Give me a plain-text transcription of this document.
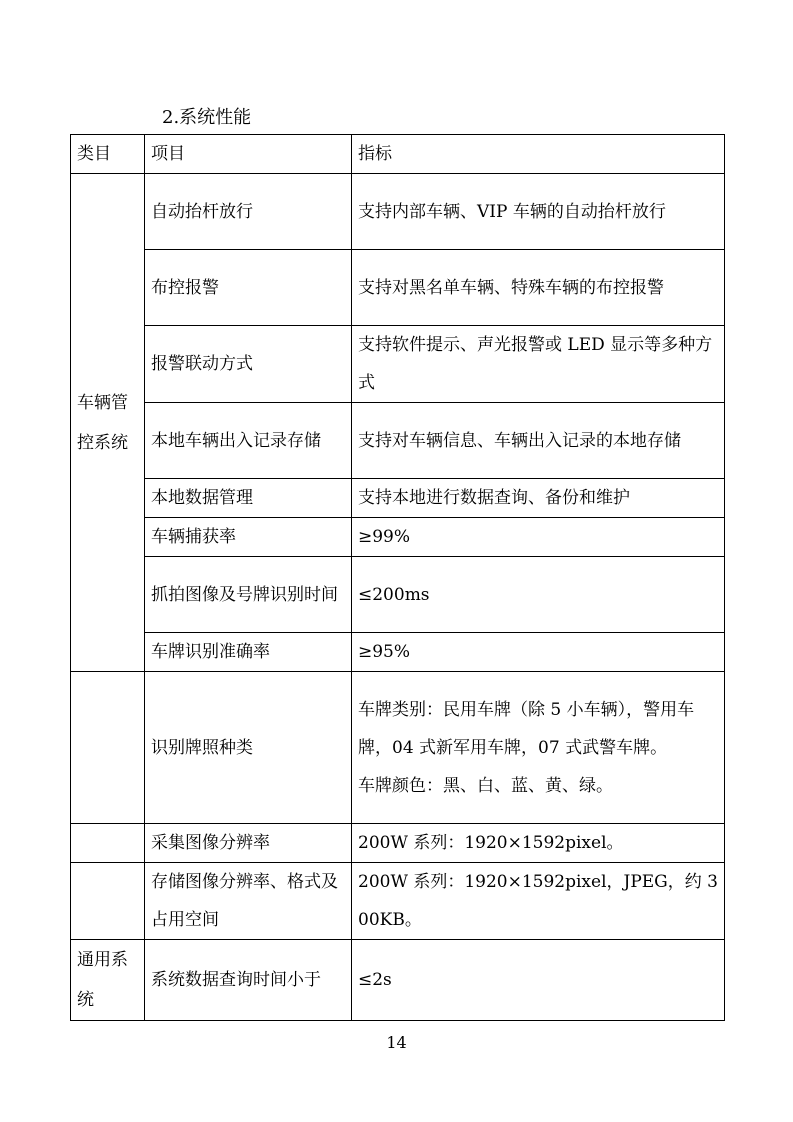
2.系统性能
类目	项目	指标
车辆管控系统	自动抬杆放行	支持内部车辆、VIP 车辆的自动抬杆放行
	布控报警	支持对黑名单车辆、特殊车辆的布控报警
	报警联动方式	支持软件提示、声光报警或 LED 显示等多种方式
	本地车辆出入记录存储	支持对车辆信息、车辆出入记录的本地存储
	本地数据管理	支持本地进行数据查询、备份和维护
	车辆捕获率	≥99%
	抓拍图像及号牌识别时间	≤200ms
	车牌识别准确率	≥95%
	识别牌照种类	车牌类别：民用车牌（除 5 小车辆），警用车牌，04 式新军用车牌，07 式武警车牌。
车牌颜色：黑、白、蓝、黄、绿。

	采集图像分辨率	200W 系列：1920×1592pixel。
	存储图像分辨率、格式及占用空间	200W 系列：1920×1592pixel，JPEG，约 300KB。
通用系统	系统数据查询时间小于	≤2s
14
